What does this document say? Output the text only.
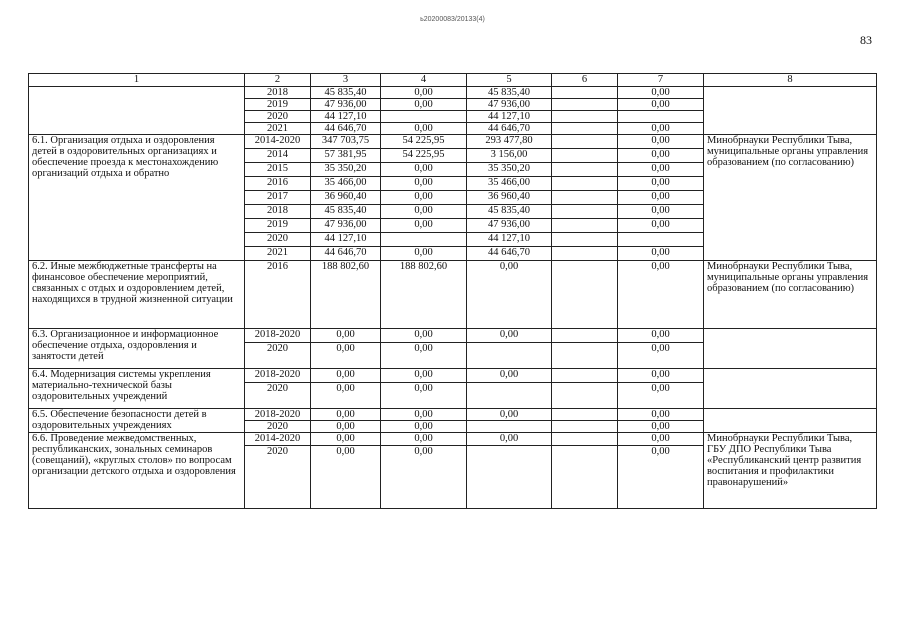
ь20200083/20133(4)
83
1	2	3	4	5	6	7	8
	2018	45 835,40	0,00	45 835,40		0,00	
	2019	47 936,00	0,00	47 936,00		0,00	
	2020	44 127,10		44 127,10			
	2021	44 646,70	0,00	44 646,70		0,00	
6.1. Организация отдыха и оздоровления детей в оздоровительных организациях и обеспечение проезда к местонахождению организаций отдыха и обратно	2014-2020	347 703,75	54 225,95	293 477,80		0,00	Минобрнауки Республики Тыва, муниципальные органы управления образованием (по согласованию)
	2014	57 381,95	54 225,95	3 156,00		0,00	
	2015	35 350,20	0,00	35 350,20		0,00	
	2016	35 466,00	0,00	35 466,00		0,00	
	2017	36 960,40	0,00	36 960,40		0,00	
	2018	45 835,40	0,00	45 835,40		0,00	
	2019	47 936,00	0,00	47 936,00		0,00	
	2020	44 127,10		44 127,10			
	2021	44 646,70	0,00	44 646,70		0,00	
6.2. Иные межбюджетные трансферты на финансовое обеспечение мероприятий, связанных с отдых и оздоровлением детей, находящихся в трудной жизненной ситуации	2016	188 802,60	188 802,60	0,00		0,00	Минобрнауки Республики Тыва, муниципальные органы управления образованием (по согласованию)
6.3. Организационное и информационное обеспечение отдыха, оздоровления и занятости детей	2018-2020	0,00	0,00	0,00		0,00	
	2020	0,00	0,00			0,00	
6.4. Модернизация системы укрепления материально-технической базы оздоровительных учреждений	2018-2020	0,00	0,00	0,00		0,00	
	2020	0,00	0,00			0,00	
6.5. Обеспечение безопасности детей в оздоровительных учреждениях	2018-2020	0,00	0,00	0,00		0,00	
	2020	0,00	0,00			0,00	
6.6. Проведение межведомственных, республиканских, зональных семинаров (совещаний), «круглых столов» по вопросам организации детского отдыха и оздоровления	2014-2020	0,00	0,00	0,00		0,00	Минобрнауки Республики Тыва, ГБУ ДПО Республики Тыва «Республиканский центр развития воспитания и профилактики правонарушений»
	2020	0,00	0,00			0,00	
